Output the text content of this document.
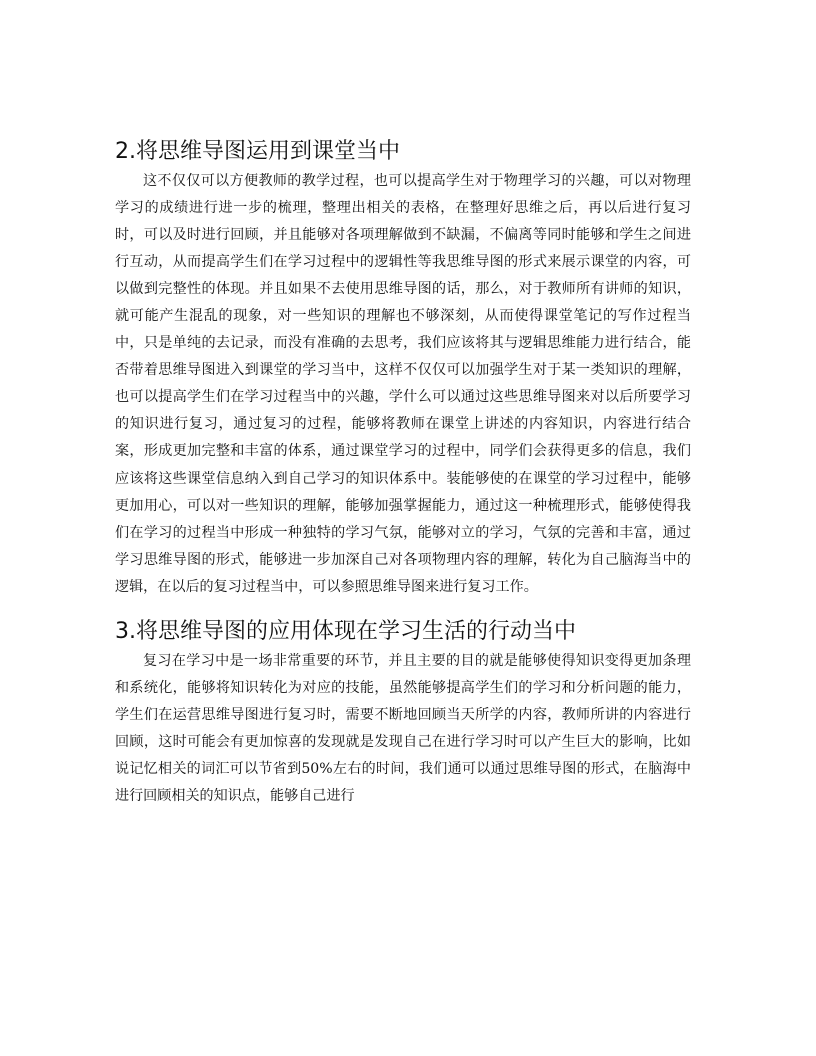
2.将思维导图运用到课堂当中

这不仅仅可以方便教师的教学过程，也可以提高学生对于物理学习的兴趣，可以对物理学习的成绩进行进一步的梳理，整理出相关的表格，在整理好思维之后，再以后进行复习时，可以及时进行回顾，并且能够对各项理解做到不缺漏，不偏离等同时能够和学生之间进行互动，从而提高学生们在学习过程中的逻辑性等我思维导图的形式来展示课堂的内容，可以做到完整性的体现。并且如果不去使用思维导图的话，那么，对于教师所有讲师的知识，就可能产生混乱的现象，对一些知识的理解也不够深刻，从而使得课堂笔记的写作过程当中，只是单纯的去记录，而没有准确的去思考，我们应该将其与逻辑思维能力进行结合，能否带着思维导图进入到课堂的学习当中，这样不仅仅可以加强学生对于某一类知识的理解，也可以提高学生们在学习过程当中的兴趣，学什么可以通过这些思维导图来对以后所要学习的知识进行复习，通过复习的过程，能够将教师在课堂上讲述的内容知识，内容进行结合案，形成更加完整和丰富的体系，通过课堂学习的过程中，同学们会获得更多的信息，我们应该将这些课堂信息纳入到自己学习的知识体系中。装能够使的在课堂的学习过程中，能够更加用心，可以对一些知识的理解，能够加强掌握能力，通过这一种梳理形式，能够使得我们在学习的过程当中形成一种独特的学习气氛，能够对立的学习，气氛的完善和丰富，通过学习思维导图的形式，能够进一步加深自己对各项物理内容的理解，转化为自己脑海当中的逻辑，在以后的复习过程当中，可以参照思维导图来进行复习工作。

3.将思维导图的应用体现在学习生活的行动当中

复习在学习中是一场非常重要的环节，并且主要的目的就是能够使得知识变得更加条理和系统化，能够将知识转化为对应的技能，虽然能够提高学生们的学习和分析问题的能力，学生们在运营思维导图进行复习时，需要不断地回顾当天所学的内容，教师所讲的内容进行回顾，这时可能会有更加惊喜的发现就是发现自己在进行学习时可以产生巨大的影响，比如说记忆相关的词汇可以节省到50%左右的时间，我们通可以通过思维导图的形式，在脑海中进行回顾相关的知识点，能够自己进行
